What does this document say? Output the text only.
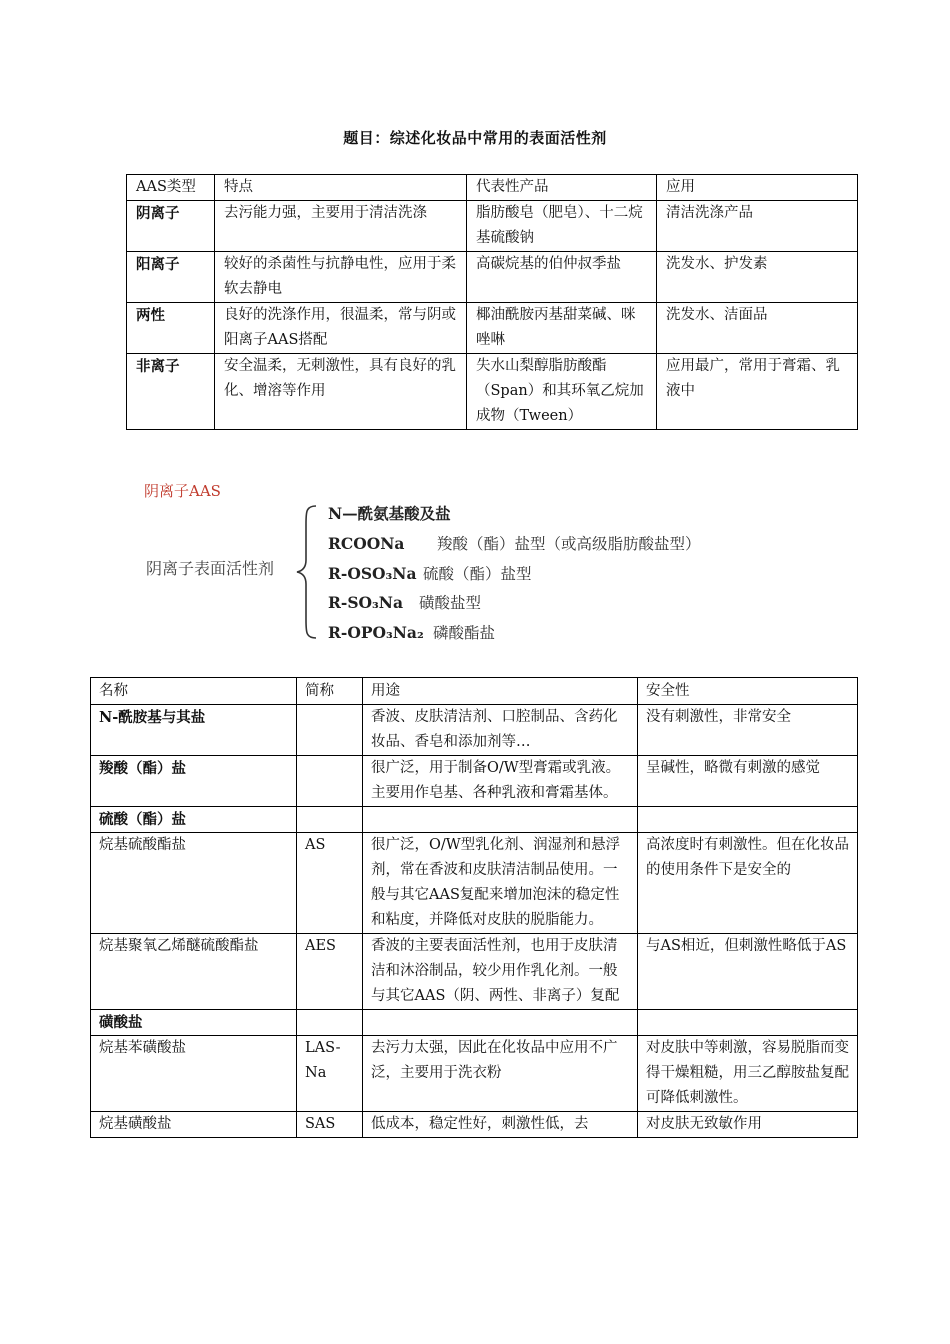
题目：综述化妆品中常用的表面活性剂
AAS类型	特点	代表性产品	应用
阴离子	去污能力强，主要用于清洁洗涤	脂肪酸皂（肥皂）、十二烷基硫酸钠	清洁洗涤产品
阳离子	较好的杀菌性与抗静电性，应用于柔软去静电	高碳烷基的伯仲叔季盐	洗发水、护发素
两性	良好的洗涤作用，很温柔，常与阴或阳离子AAS搭配	椰油酰胺丙基甜菜碱、咪唑啉	洗发水、洁面品
非离子	安全温柔，无刺激性，具有良好的乳化、增溶等作用	失水山梨醇脂肪酸酯（Span）和其环氧乙烷加成物（Tween）	应用最广，常用于膏霜、乳液中
阴离子AAS
阴离子表面活性剂
N—酰氨基酸及盐
RCOONa 羧酸（酯）盐型（或高级脂肪酸盐型）
R-OSO₃Na 硫酸（酯）盐型
R-SO₃Na 磺酸盐型
R-OPO₃Na₂ 磷酸酯盐
名称	简称	用途	安全性
N-酰胺基与其盐		香波、皮肤清洁剂、口腔制品、含药化妆品、香皂和添加剂等…	没有刺激性，非常安全
羧酸（酯）盐		很广泛，用于制备O/W型膏霜或乳液。主要用作皂基、各种乳液和膏霜基体。	呈碱性，略微有刺激的感觉
硫酸（酯）盐			
烷基硫酸酯盐	AS	很广泛，O/W型乳化剂、润湿剂和悬浮剂，常在香波和皮肤清洁制品使用。一般与其它AAS复配来增加泡沫的稳定性和粘度，并降低对皮肤的脱脂能力。	高浓度时有刺激性。但在化妆品的使用条件下是安全的
烷基聚氧乙烯醚硫酸酯盐	AES	香波的主要表面活性剂，也用于皮肤清洁和沐浴制品，较少用作乳化剂。一般与其它AAS（阴、两性、非离子）复配	与AS相近，但刺激性略低于AS
磺酸盐			
烷基苯磺酸盐	LAS-Na	去污力太强，因此在化妆品中应用不广泛，主要用于洗衣粉	对皮肤中等刺激，容易脱脂而变得干燥粗糙，用三乙醇胺盐复配可降低刺激性。
烷基磺酸盐	SAS	低成本，稳定性好，刺激性低，去	对皮肤无致敏作用
